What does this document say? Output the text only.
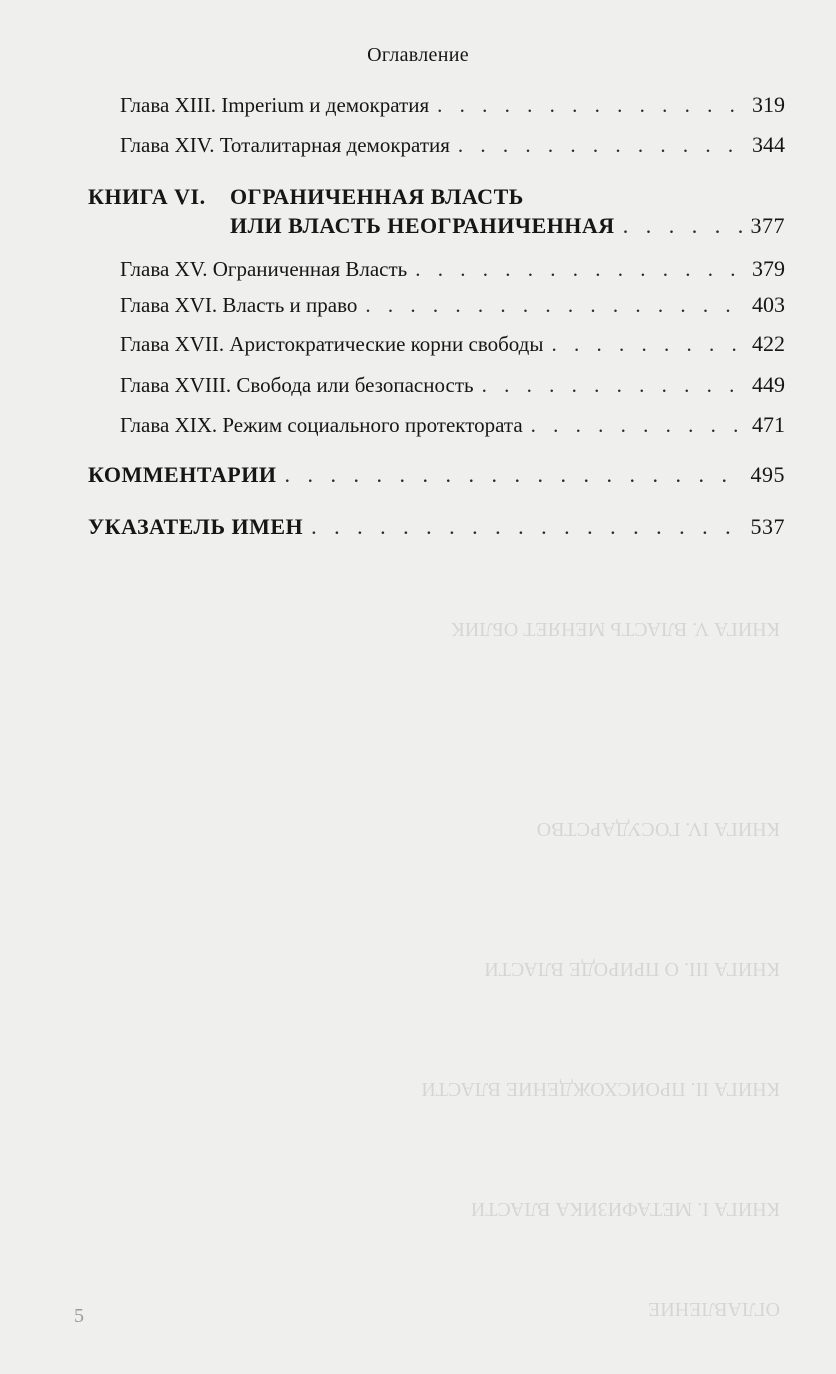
ОГЛАВЛЕНИЕ
КНИГА I. МЕТАФИЗИКА ВЛАСТИ
КНИГА II. ПРОИСХОЖДЕНИЕ ВЛАСТИ
КНИГА III. О ПРИРОДЕ ВЛАСТИ
КНИГА IV. ГОСУДАРСТВО
КНИГА V. ВЛАСТЬ МЕНЯЕТ ОБЛИК
Оглавление
Глава XIII. Imperium и демократия . . .	319
Глава XIV. Тоталитарная демократия . . .	344
КНИГА VI. ОГРАНИЧЕННАЯ ВЛАСТЬ
ИЛИ ВЛАСТЬ НЕОГРАНИЧЕННАЯ . . .	377
Глава XV. Ограниченная Власть . . .	379
Глава XVI. Власть и право . . .	403
Глава XVII. Аристократические корни свободы . . .	422
Глава XVIII. Свобода или безопасность . . .	449
Глава XIX. Режим социального протектората . . .	471
КОММЕНТАРИИ . . .	495
УКАЗАТЕЛЬ ИМЕН . . .	537
5
